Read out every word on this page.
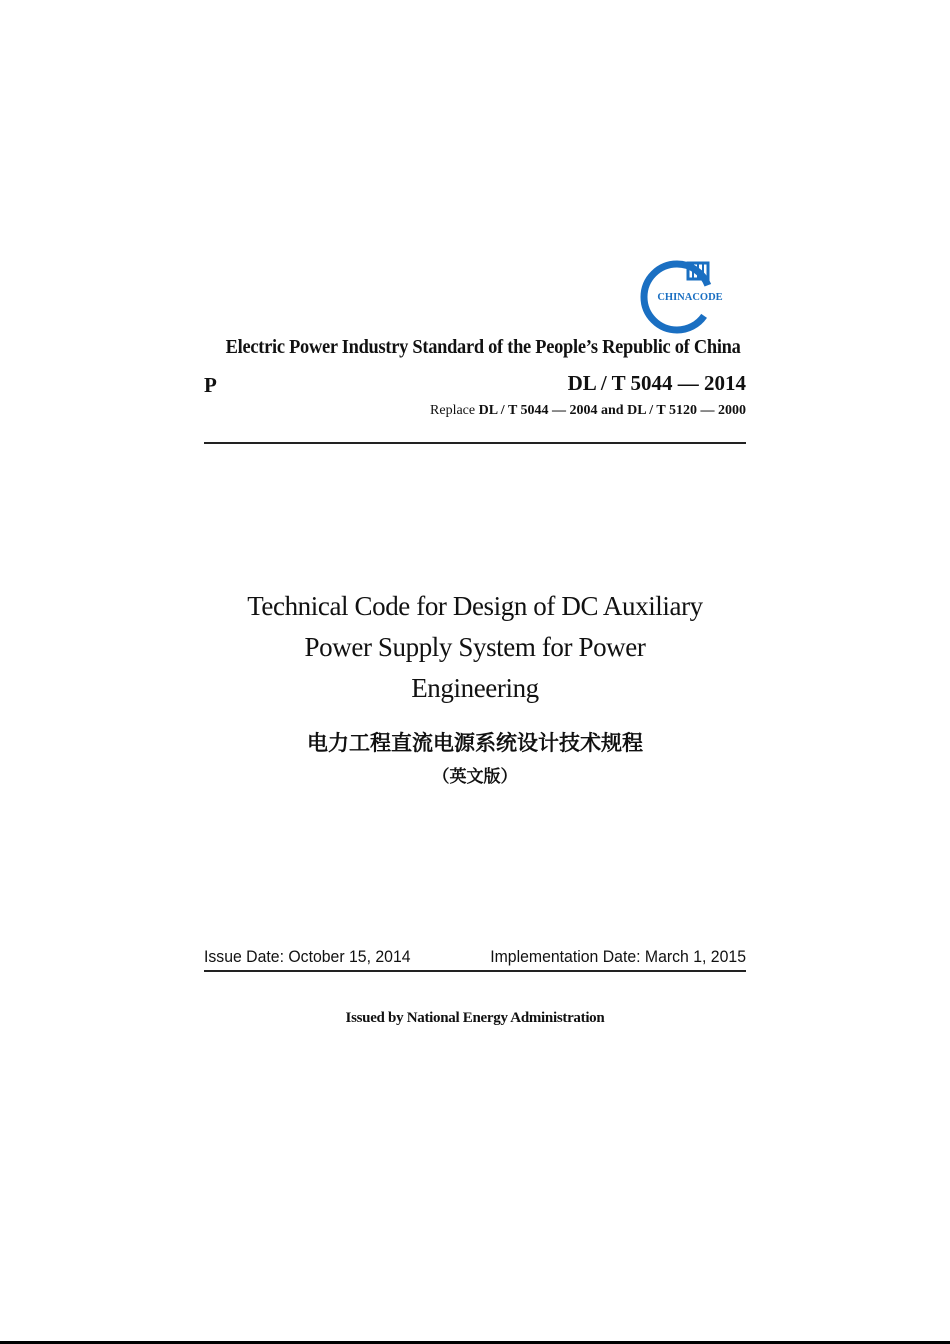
CHINACODE
Electric Power Industry Standard of the People’s Republic of China
P	DL / T 5044 — 2014
Replace DL / T 5044 — 2004 and DL / T 5120 — 2000
Technical Code for Design of DC Auxiliary
Power Supply System for Power
Engineering
电力工程直流电源系统设计技术规程
（英文版）
Issue Date: October 15, 2014	Implementation Date: March 1, 2015
Issued by National Energy Administration
